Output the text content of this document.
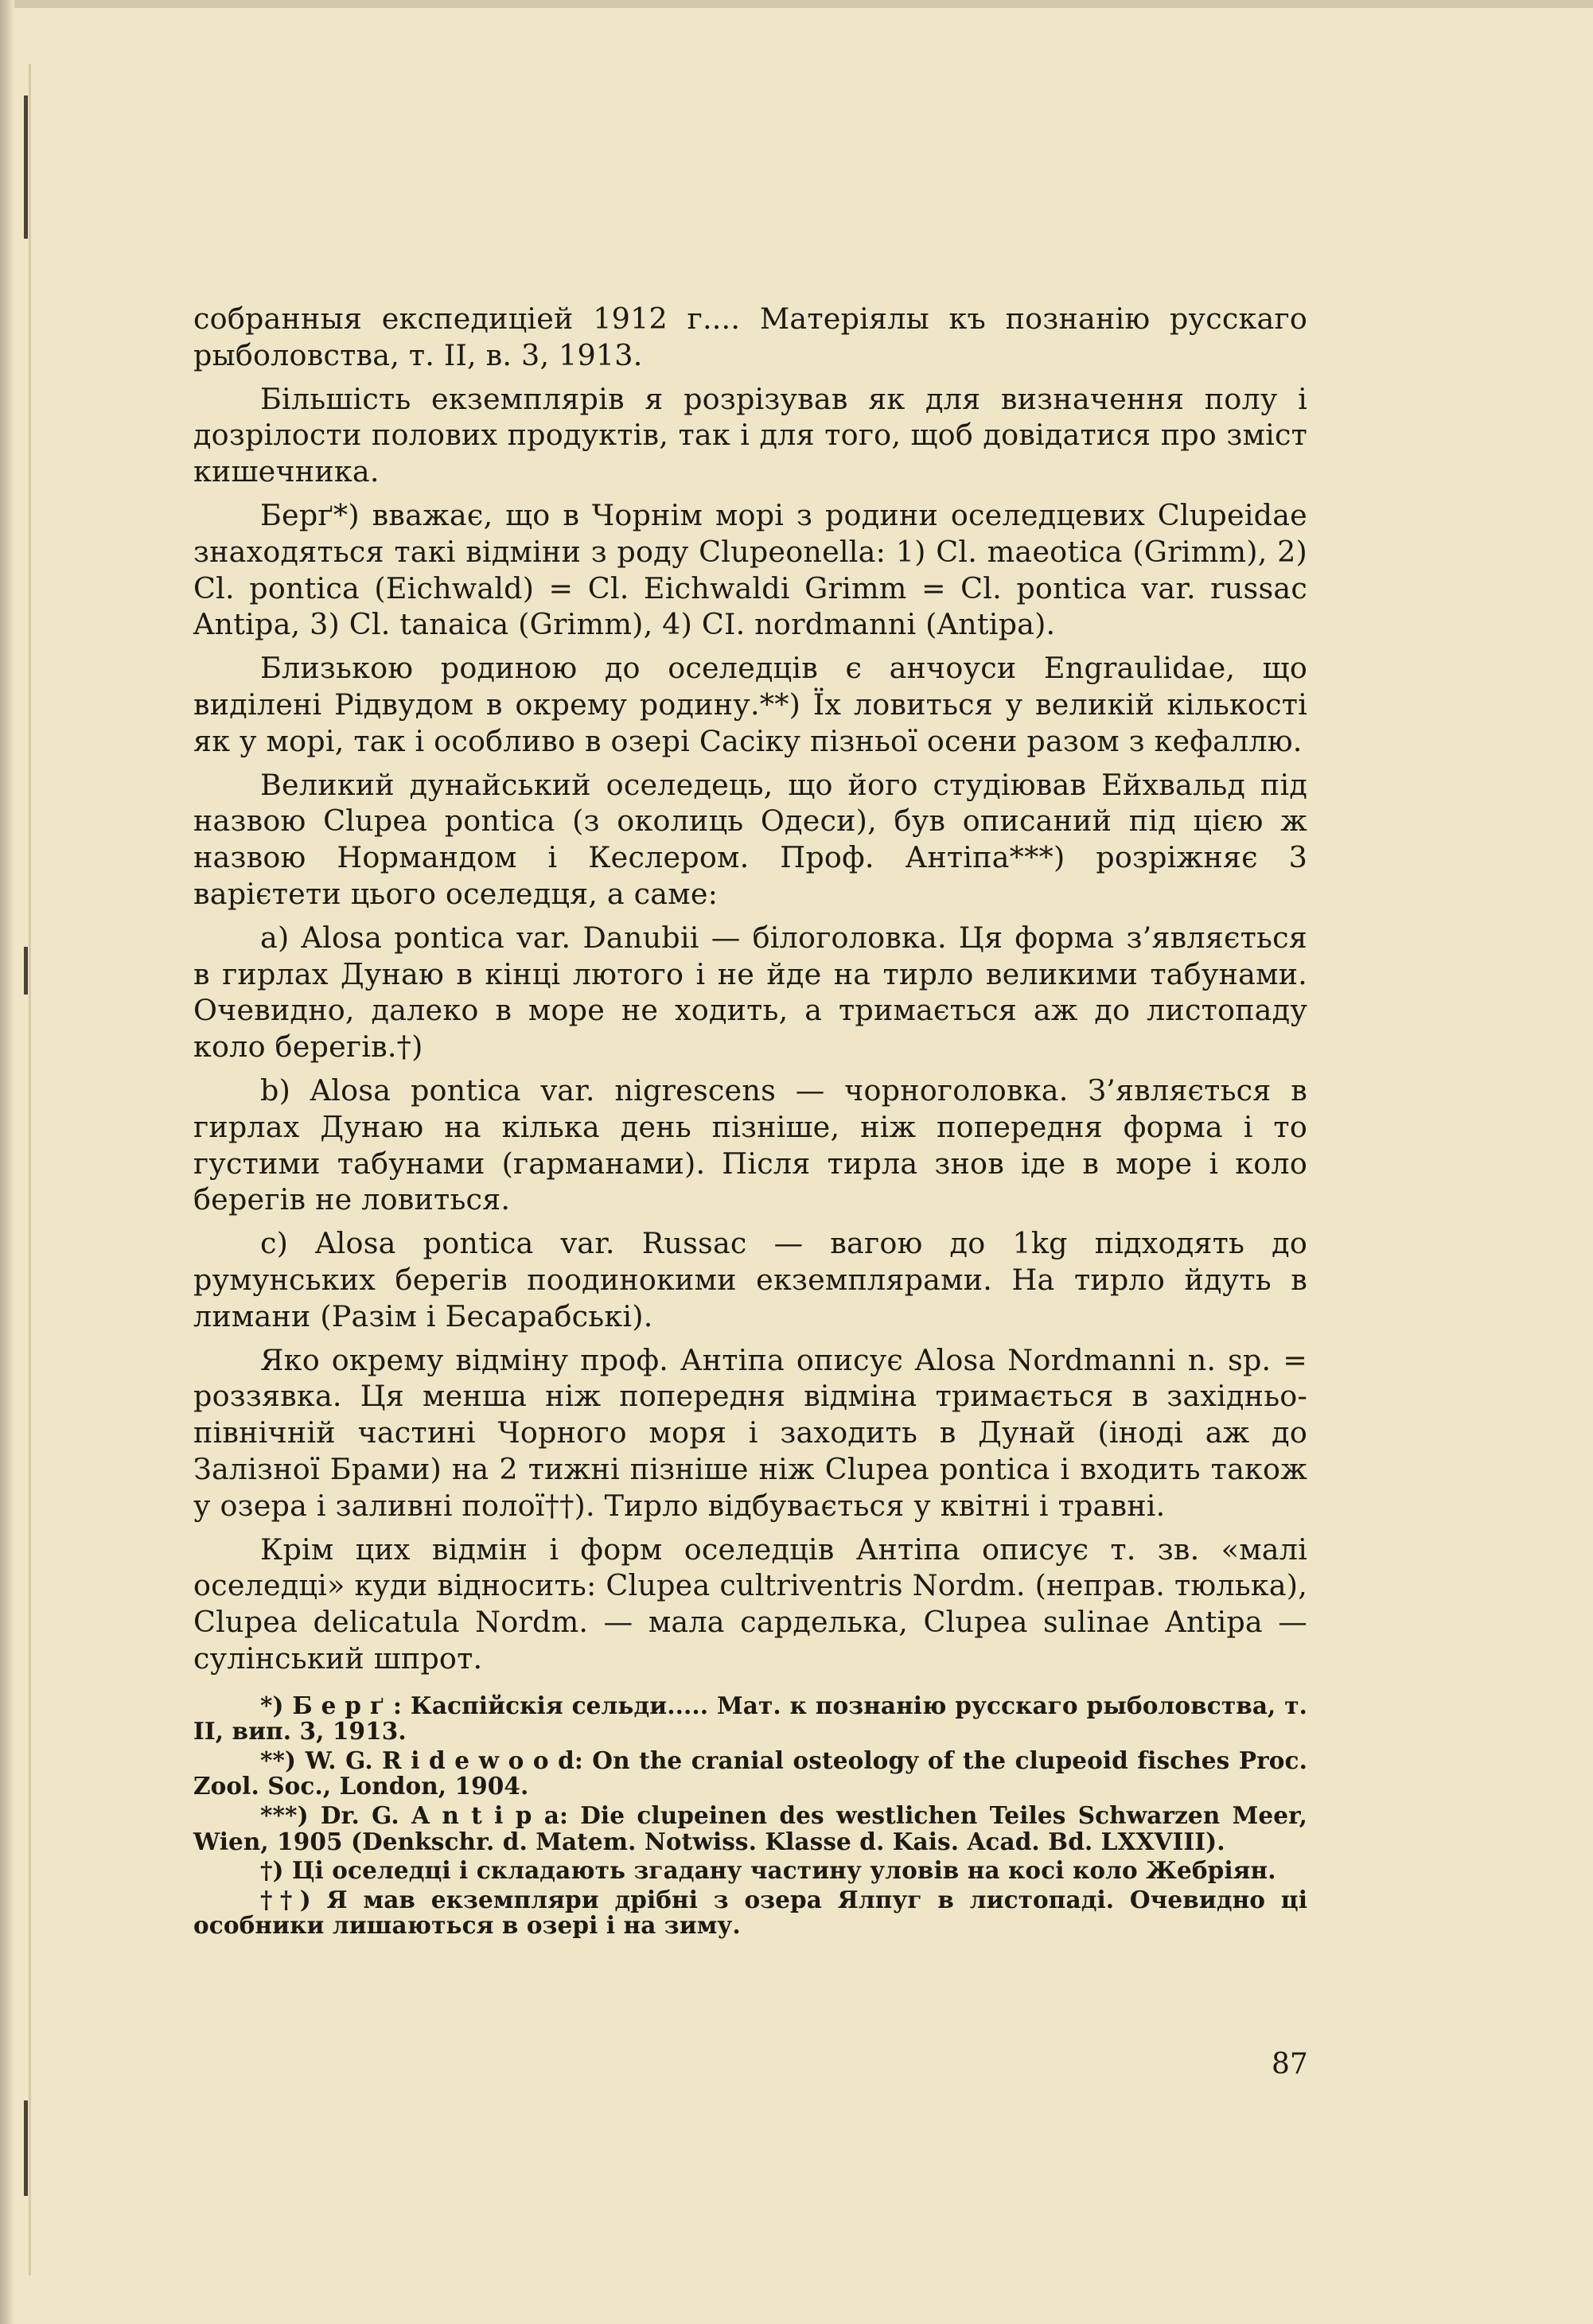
собранныя експедиціей 1912 г.... Матеріялы къ познанію русскаго рыболовства, т. II, в. 3, 1913.

Більшість екземплярів я розрізував як для визначення полу і дозрілости полових продуктів, так і для того, щоб довідатися про зміст кишечника.

Берґ*) вважає, що в Чорнім морі з родини оселедцевих Clupeidae знаходяться такі відміни з роду Clupeonella: 1) Cl. maeotica (Grimm), 2) Cl. pontica (Eichwald) = Cl. Eichwaldi Grimm = Cl. pontica var. russac Antipa, 3) Cl. tanaica (Grimm), 4) CI. nordmanni (Antipa).

Близькою родиною до оселедців є анчоуси Engraulidae, що виділені Рідвудом в окрему родину.**) Їх ловиться у великій кількості як у морі, так і особливо в озері Сасіку пізньої осени разом з кефаллю.

Великий дунайський оселедець, що його студіював Ейхвальд під назвою Clupea pontica (з околиць Одеси), був описаний під цією ж назвою Нормандом і Кеслером. Проф. Антіпа***) розріжняє 3 варієтети цього оселедця, а саме:

a) Alosa pontica var. Danubii — білоголовка. Ця форма з’являється в гирлах Дунаю в кінці лютого і не йде на тирло великими табунами. Очевидно, далеко в море не ходить, а тримається аж до листопаду коло берегів.†)

b) Alosa pontica var. nigrescens — чорноголовка. З’являється в гирлах Дунаю на кілька день пізніше, ніж попередня форма і то густими табунами (гарманами). Після тирла знов іде в море і коло берегів не ловиться.

c) Alosa pontica var. Russac — вагою до 1kg підходять до румунських берегів поодинокими екземплярами. На тирло йдуть в лимани (Разім і Бесарабські).

Яко окрему відміну проф. Антіпа описує Alosa Nordmanni n. sp. = роззявка. Ця менша ніж попередня відміна тримається в західньо-північній частині Чорного моря і заходить в Дунай (іноді аж до Залізної Брами) на 2 тижні пізніше ніж Clupea pontica і входить також у озера і заливні полої††). Тирло відбувається у квітні і травні.

Крім цих відмін і форм оселедців Антіпа описує т. зв. «малі оселедці» куди відносить: Clupea cultriventris Nordm. (неправ. тюлька), Clupea delicatula Nordm. — мала сарделька, Clupea sulinae Antipa — сулінський шпрот.

*) Б е р ґ : Каспійскія сельди..... Мат. к познанію русскаго рыболовства, т. II, вип. 3, 1913.

**) W. G. R i d e w o o d: On the cranial osteology of the clupeoid fisches Proc. Zool. Soc., London, 1904.

***) Dr. G. A n t i p a: Die clupeinen des westlichen Teiles Schwarzen Meer, Wien, 1905 (Denkschr. d. Matem. Notwiss. Klasse d. Kais. Acad. Bd. LXXVIII).

†) Ці оселедці і складають згадану частину уловів на косі коло Жебріян.

††) Я мав екземпляри дрібні з озера Ялпуг в листопаді. Очевидно ці особники лишаються в озері і на зиму.

87
